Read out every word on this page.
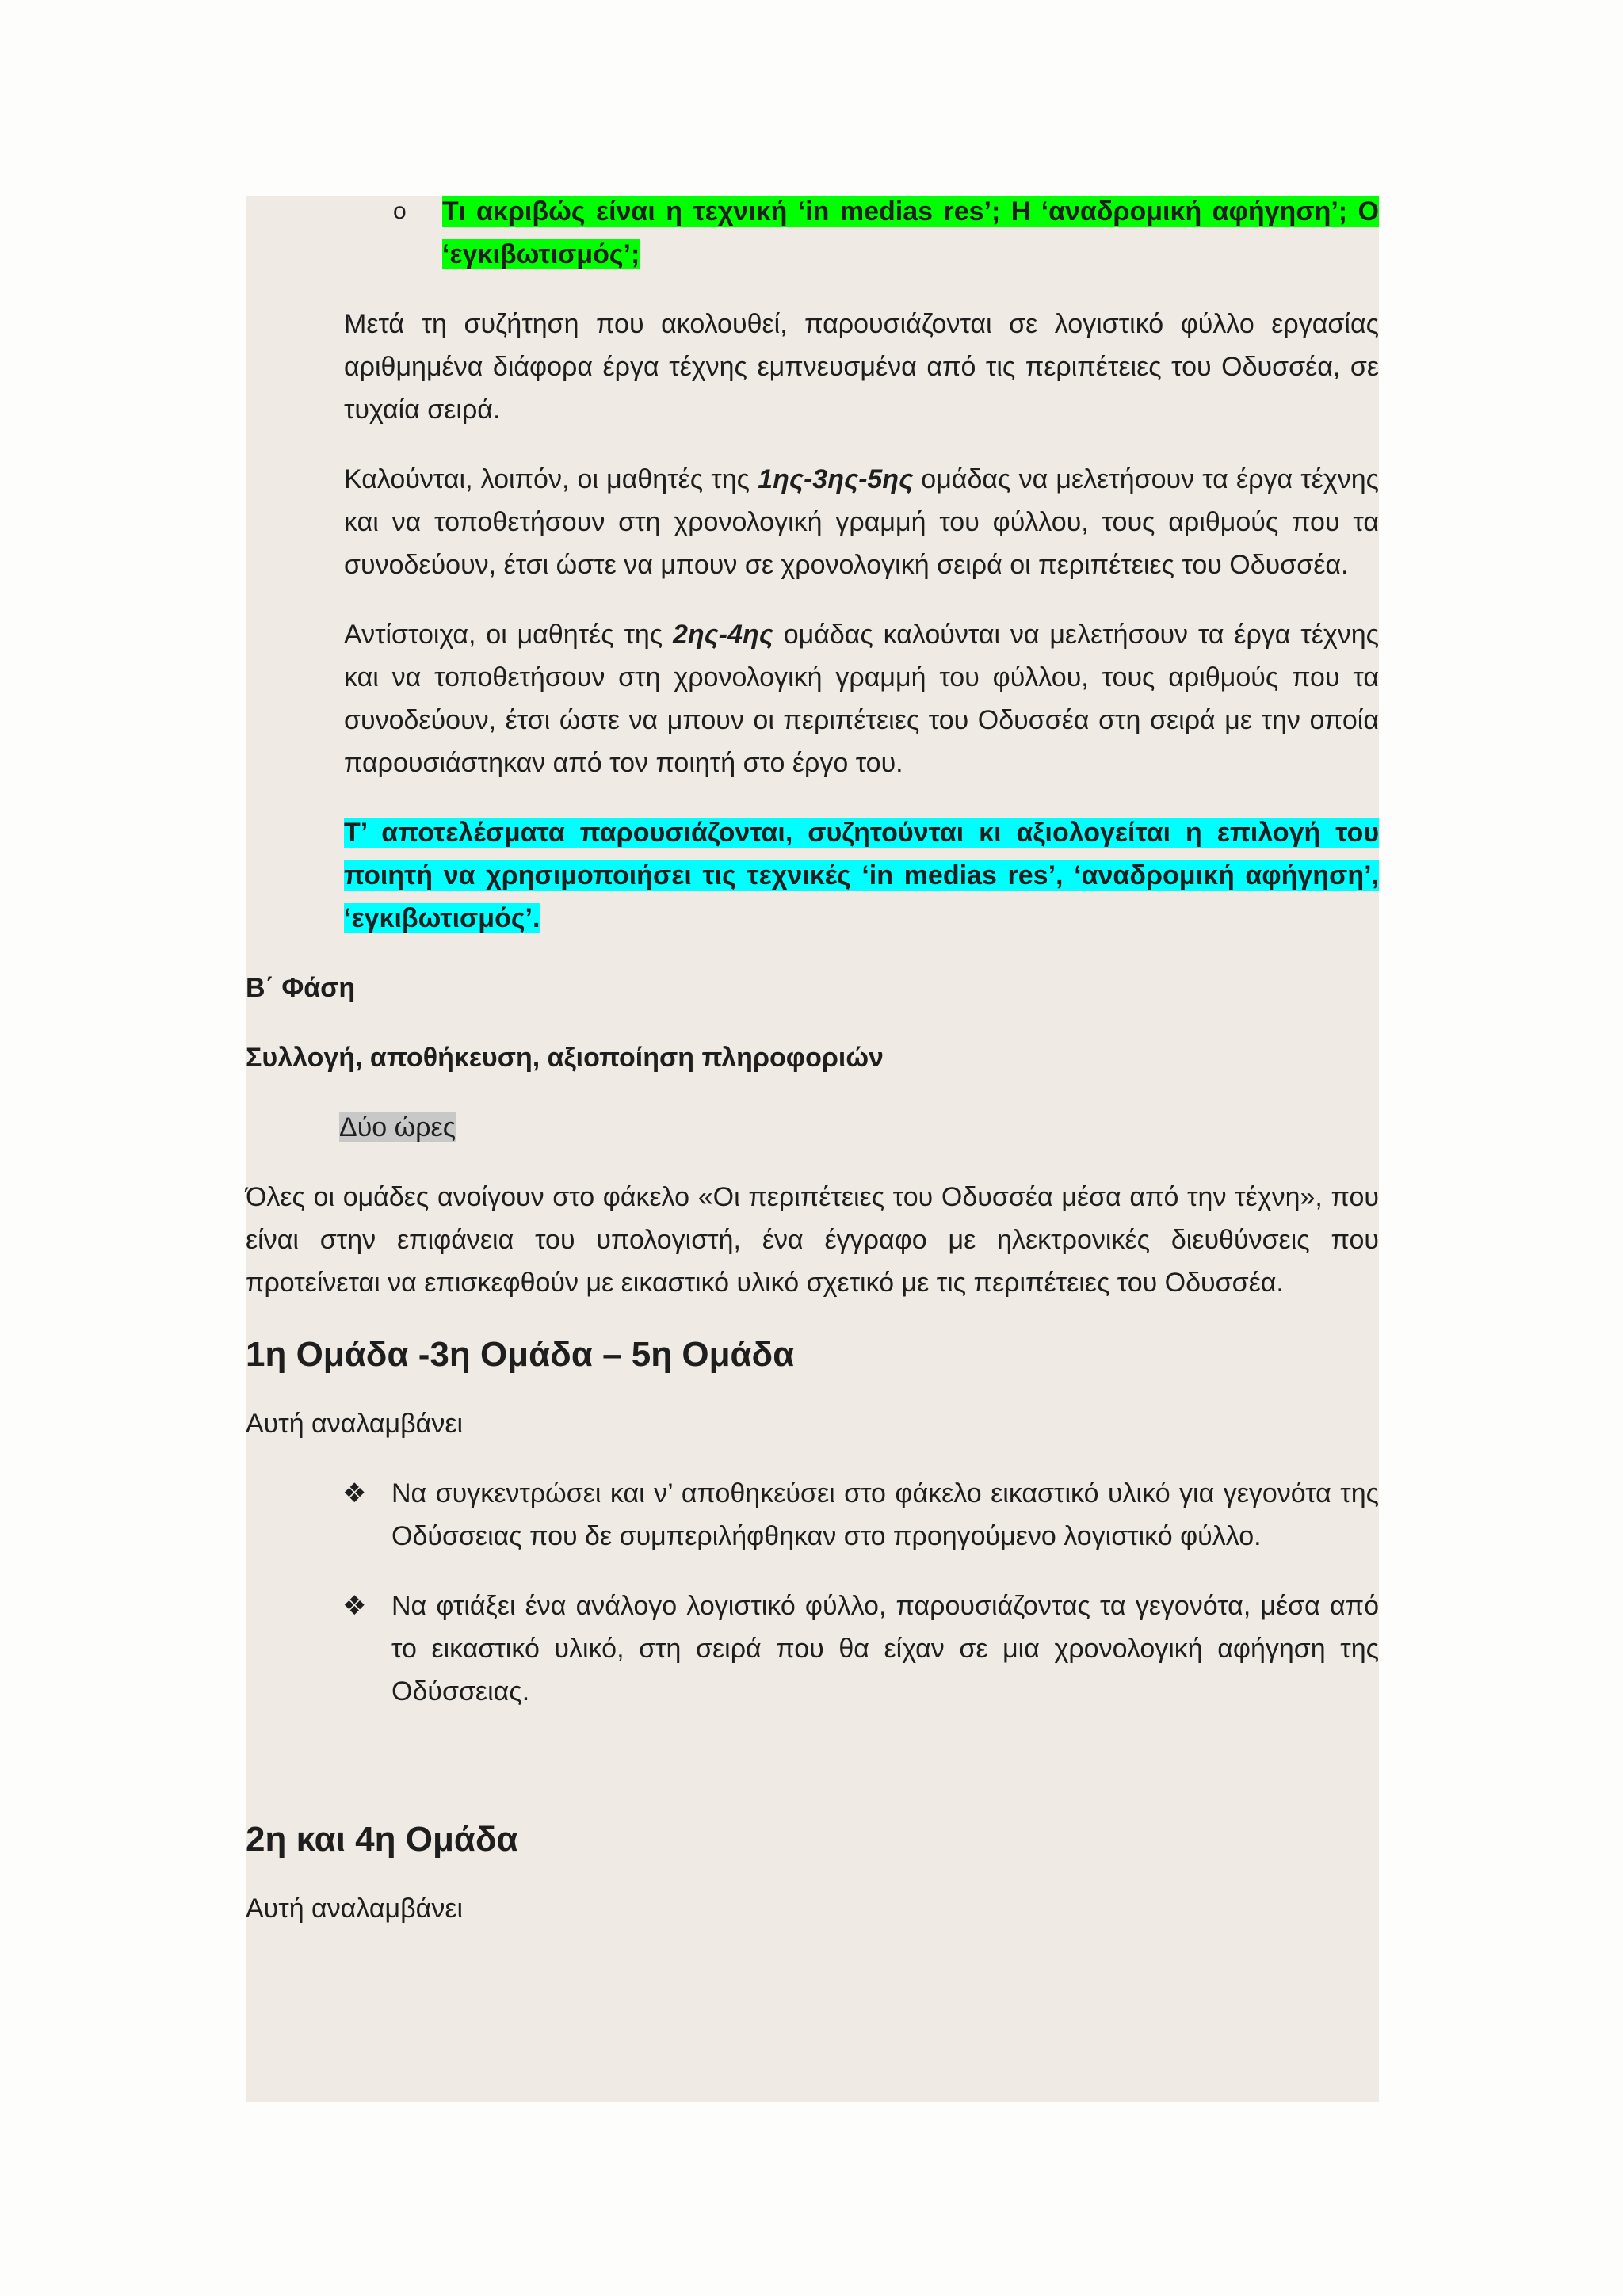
o Τι ακριβώς είναι η τεχνική ‘in medias res’; Η ‘αναδρομική αφήγηση’; Ο ‘εγκιβωτισμός’;

Μετά τη συζήτηση που ακολουθεί, παρουσιάζονται σε λογιστικό φύλλο εργασίας αριθμημένα διάφορα έργα τέχνης εμπνευσμένα από τις περιπέτειες του Οδυσσέα, σε τυχαία σειρά.

Καλούνται, λοιπόν, οι μαθητές της 1ης-3ης-5ης ομάδας να μελετήσουν τα έργα τέχνης και να τοποθετήσουν στη χρονολογική γραμμή του φύλλου, τους αριθμούς που τα συνοδεύουν, έτσι ώστε να μπουν σε χρονολογική σειρά οι περιπέτειες του Οδυσσέα.

Αντίστοιχα, οι μαθητές της 2ης-4ης ομάδας καλούνται να μελετήσουν τα έργα τέχνης και να τοποθετήσουν στη χρονολογική γραμμή του φύλλου, τους αριθμούς που τα συνοδεύουν, έτσι ώστε να μπουν οι περιπέτειες του Οδυσσέα στη σειρά με την οποία παρουσιάστηκαν από τον ποιητή στο έργο του.

Τ’ αποτελέσματα παρουσιάζονται, συζητούνται κι αξιολογείται η επιλογή του ποιητή να χρησιμοποιήσει τις τεχνικές ‘in medias res’, ‘αναδρομική αφήγηση’, ‘εγκιβωτισμός’.

Β΄ Φάση

Συλλογή, αποθήκευση, αξιοποίηση πληροφοριών

Δύο ώρες

Όλες οι ομάδες ανοίγουν στο φάκελο «Οι περιπέτειες του Οδυσσέα μέσα από την τέχνη», που είναι στην επιφάνεια του υπολογιστή, ένα έγγραφο με ηλεκτρονικές διευθύνσεις που προτείνεται να επισκεφθούν με εικαστικό υλικό σχετικό με τις περιπέτειες του Οδυσσέα.

1η Ομάδα -3η Ομάδα – 5η Ομάδα

Αυτή αναλαμβάνει

❖ Να συγκεντρώσει και ν’ αποθηκεύσει στο φάκελο εικαστικό υλικό για γεγονότα της Οδύσσειας που δε συμπεριλήφθηκαν στο προηγούμενο λογιστικό φύλλο.

❖ Να φτιάξει ένα ανάλογο λογιστικό φύλλο, παρουσιάζοντας τα γεγονότα, μέσα από το εικαστικό υλικό, στη σειρά που θα είχαν σε μια χρονολογική αφήγηση της Οδύσσειας.

2η και 4η Ομάδα

Αυτή αναλαμβάνει
